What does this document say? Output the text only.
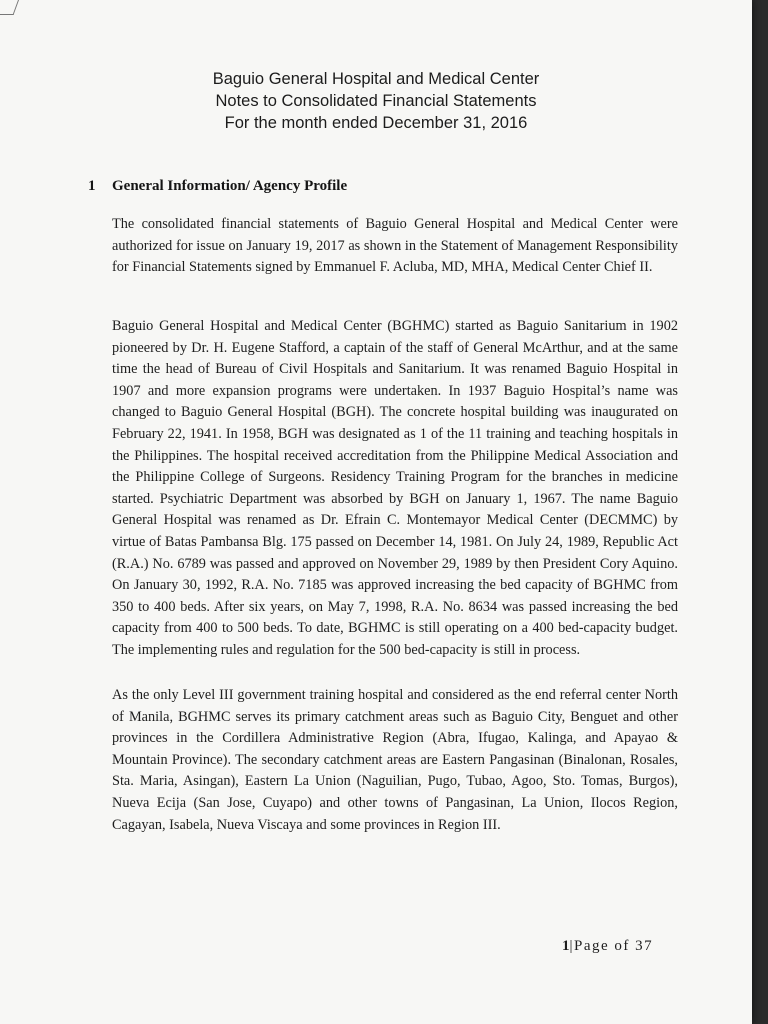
Baguio General Hospital and Medical Center
Notes to Consolidated Financial Statements
For the month ended December 31, 2016
1 General Information/ Agency Profile

The consolidated financial statements of Baguio General Hospital and Medical Center were authorized for issue on January 19, 2017 as shown in the Statement of Management Responsibility for Financial Statements signed by Emmanuel F. Acluba, MD, MHA, Medical Center Chief II.

Baguio General Hospital and Medical Center (BGHMC) started as Baguio Sanitarium in 1902 pioneered by Dr. H. Eugene Stafford, a captain of the staff of General McArthur, and at the same time the head of Bureau of Civil Hospitals and Sanitarium. It was renamed Baguio Hospital in 1907 and more expansion programs were undertaken. In 1937 Baguio Hospital’s name was changed to Baguio General Hospital (BGH). The concrete hospital building was inaugurated on February 22, 1941. In 1958, BGH was designated as 1 of the 11 training and teaching hospitals in the Philippines. The hospital received accreditation from the Philippine Medical Association and the Philippine College of Surgeons. Residency Training Program for the branches in medicine started. Psychiatric Department was absorbed by BGH on January 1, 1967. The name Baguio General Hospital was renamed as Dr. Efrain C. Montemayor Medical Center (DECMMC) by virtue of Batas Pambansa Blg. 175 passed on December 14, 1981. On July 24, 1989, Republic Act (R.A.) No. 6789 was passed and approved on November 29, 1989 by then President Cory Aquino. On January 30, 1992, R.A. No. 7185 was approved increasing the bed capacity of BGHMC from 350 to 400 beds. After six years, on May 7, 1998, R.A. No. 8634 was passed increasing the bed capacity from 400 to 500 beds. To date, BGHMC is still operating on a 400 bed-capacity budget. The implementing rules and regulation for the 500 bed-capacity is still in process.

As the only Level III government training hospital and considered as the end referral center North of Manila, BGHMC serves its primary catchment areas such as Baguio City, Benguet and other provinces in the Cordillera Administrative Region (Abra, Ifugao, Kalinga, and Apayao & Mountain Province). The secondary catchment areas are Eastern Pangasinan (Binalonan, Rosales, Sta. Maria, Asingan), Eastern La Union (Naguilian, Pugo, Tubao, Agoo, Sto. Tomas, Burgos), Nueva Ecija (San Jose, Cuyapo) and other towns of Pangasinan, La Union, Ilocos Region, Cagayan, Isabela, Nueva Viscaya and some provinces in Region III.

1|Page of 37
